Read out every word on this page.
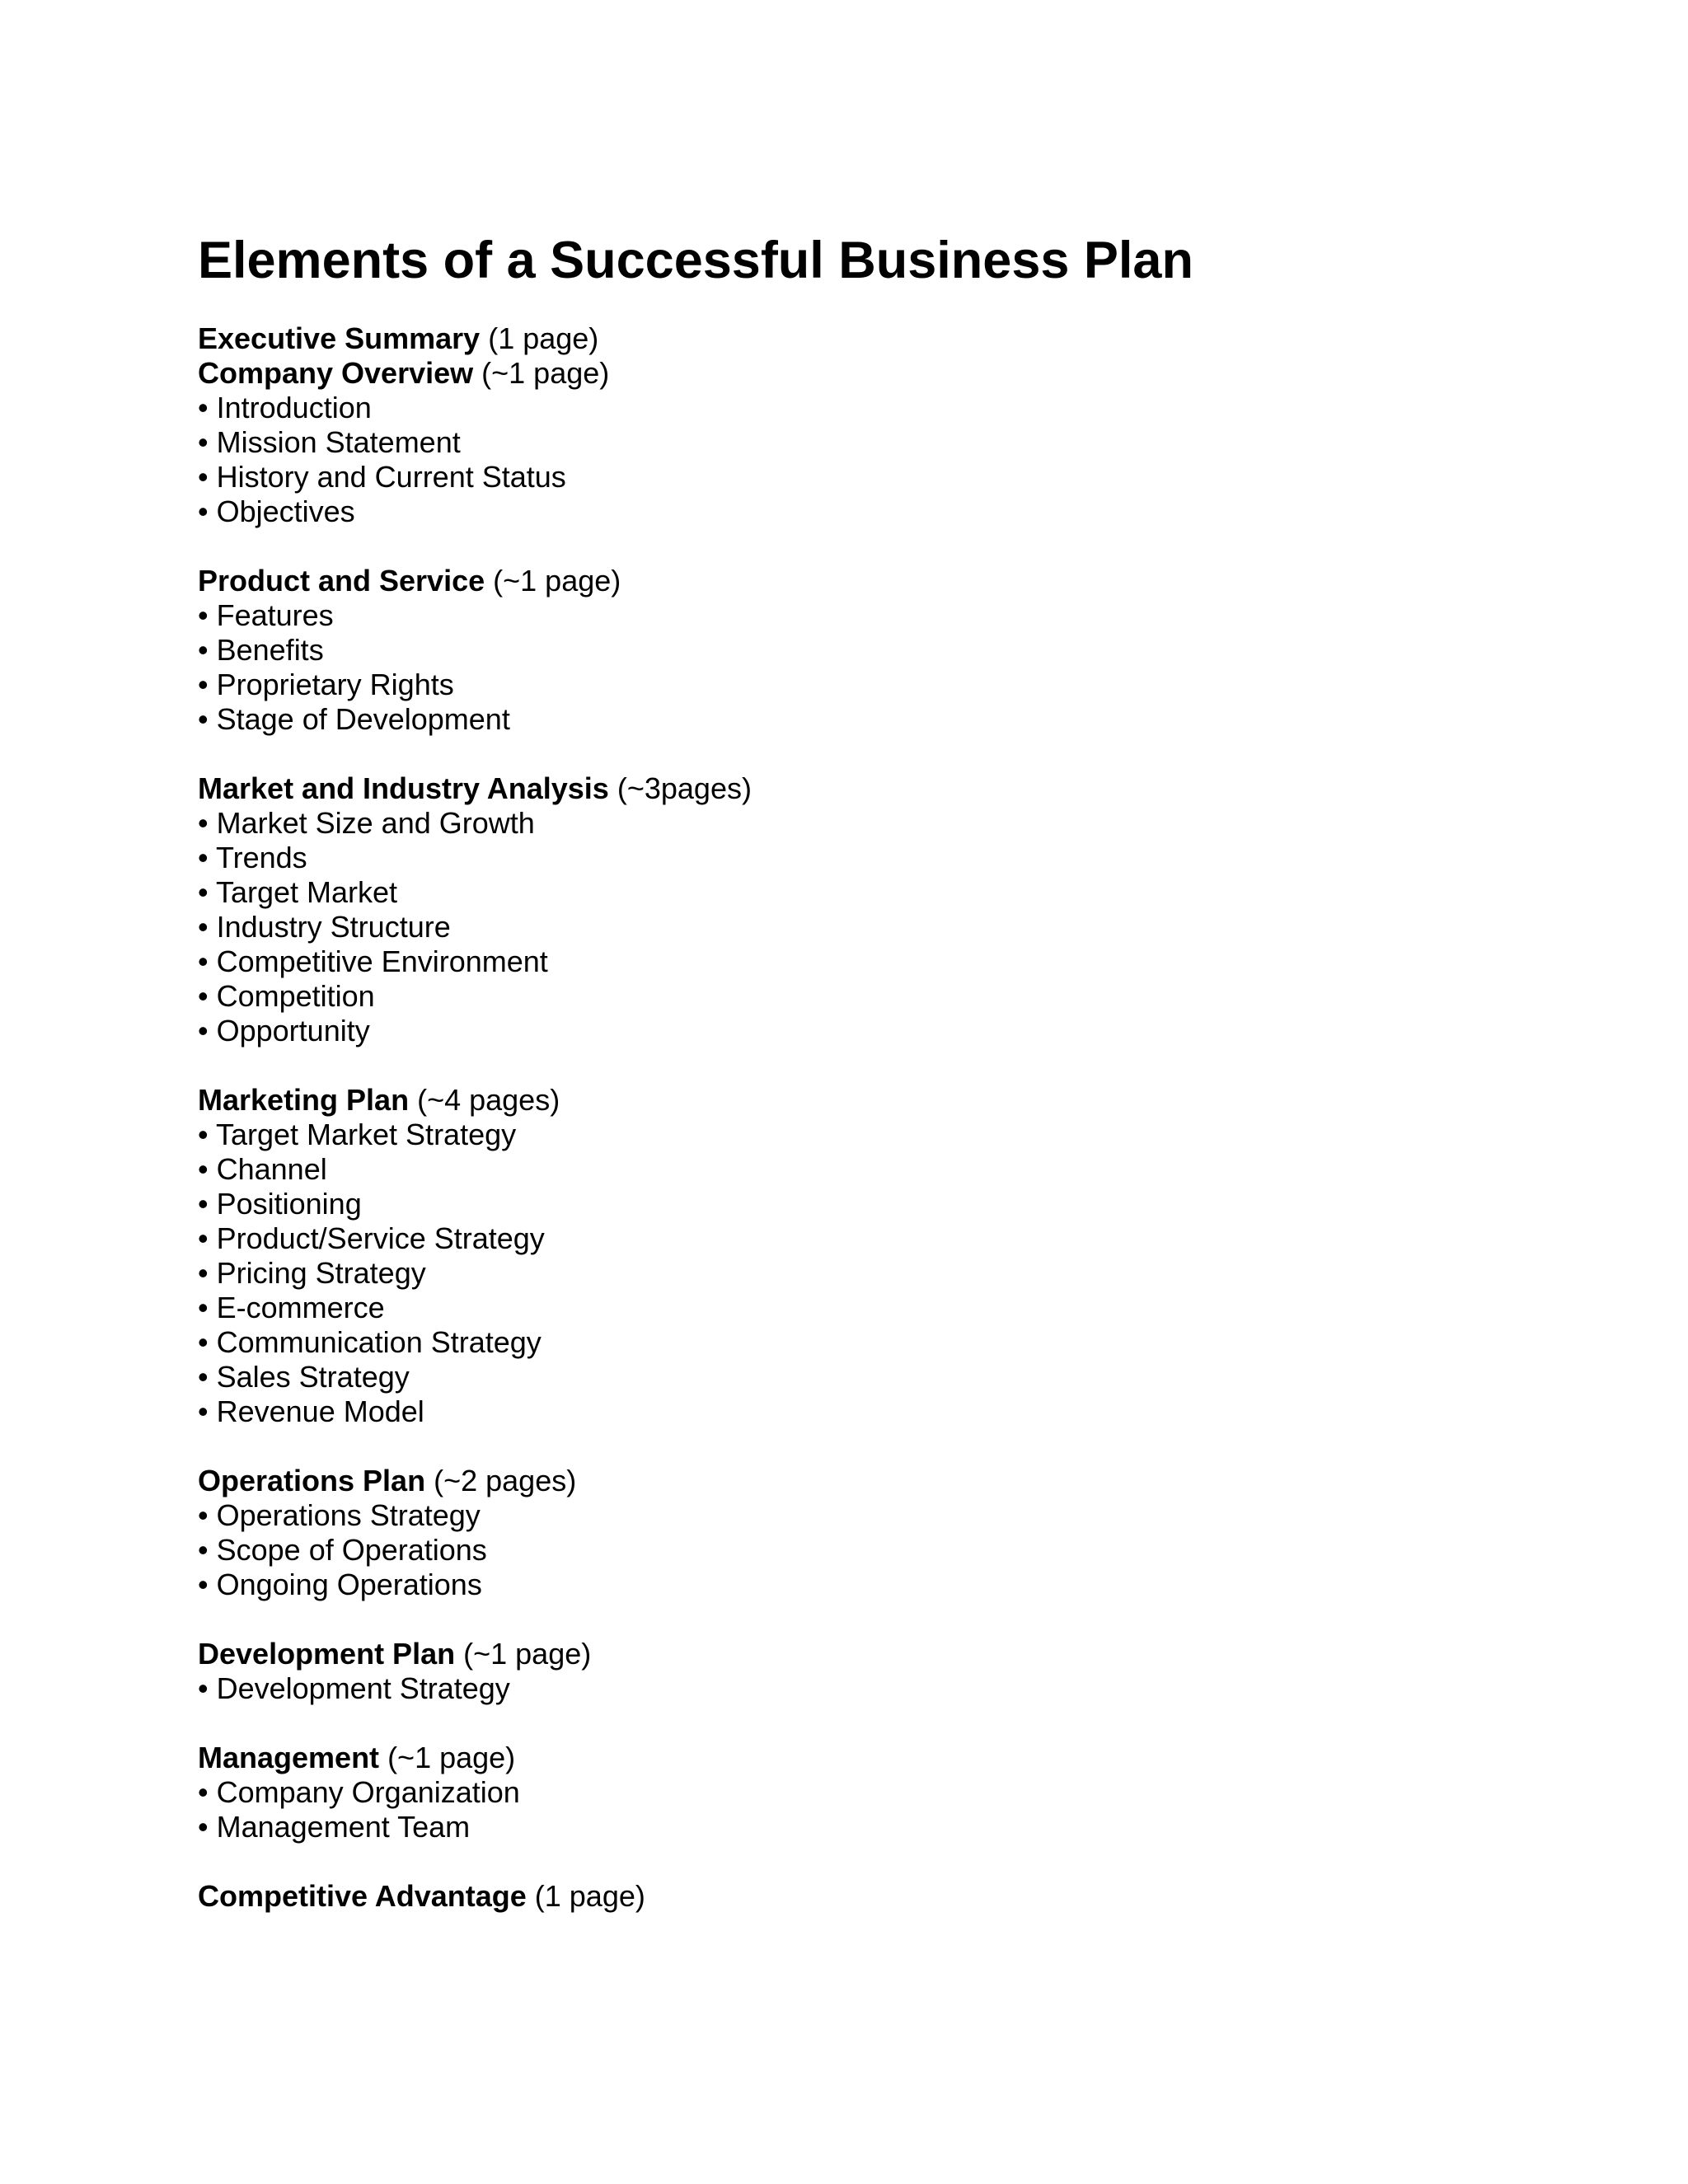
Elements of a Successful Business Plan
Executive Summary (1 page)
Company Overview (~1 page)
• Introduction
• Mission Statement
• History and Current Status
• Objectives
Product and Service (~1 page)
• Features
• Benefits
• Proprietary Rights
• Stage of Development
Market and Industry Analysis (~3pages)
• Market Size and Growth
• Trends
• Target Market
• Industry Structure
• Competitive Environment
• Competition
• Opportunity
Marketing Plan (~4 pages)
• Target Market Strategy
• Channel
• Positioning
• Product/Service Strategy
• Pricing Strategy
• E-commerce
• Communication Strategy
• Sales Strategy
• Revenue Model
Operations Plan (~2 pages)
• Operations Strategy
• Scope of Operations
• Ongoing Operations
Development Plan (~1 page)
• Development Strategy
Management (~1 page)
• Company Organization
• Management Team
Competitive Advantage (1 page)
